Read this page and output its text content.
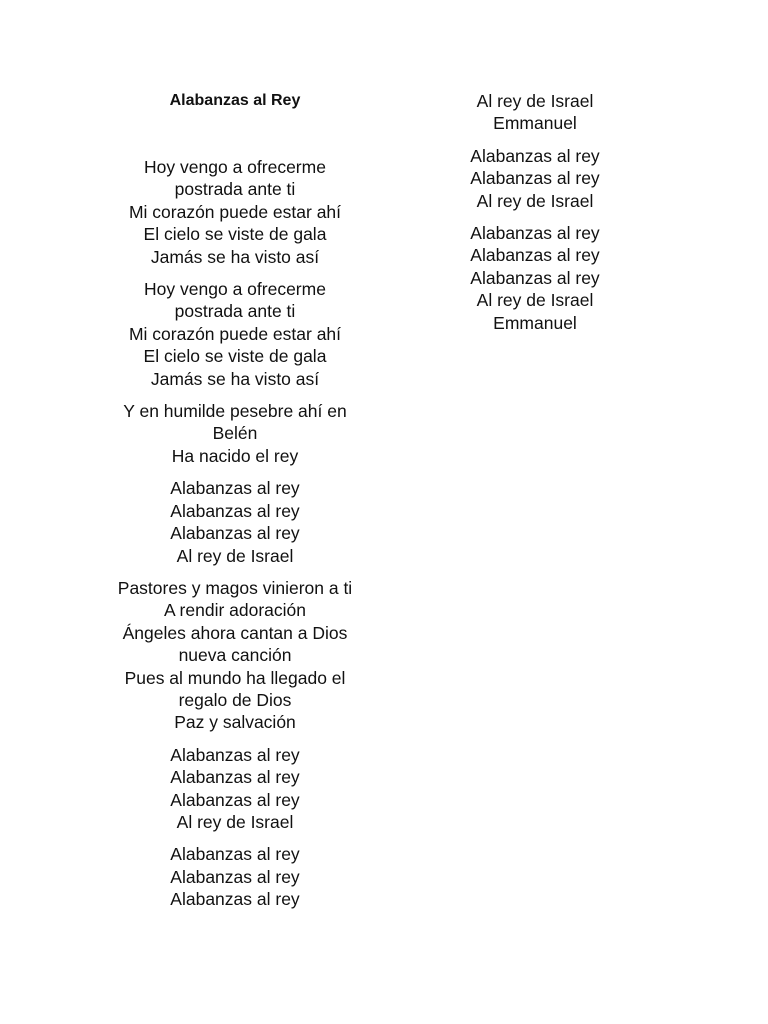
Alabanzas al Rey
Hoy vengo a ofrecerme
postrada ante ti
Mi corazón puede estar ahí
El cielo se viste de gala
Jamás se ha visto así
Hoy vengo a ofrecerme
postrada ante ti
Mi corazón puede estar ahí
El cielo se viste de gala
Jamás se ha visto así
Y en humilde pesebre ahí en
Belén
Ha nacido el rey
Alabanzas al rey
Alabanzas al rey
Alabanzas al rey
Al rey de Israel
Pastores y magos vinieron a ti
A rendir adoración
Ángeles ahora cantan a Dios
nueva canción
Pues al mundo ha llegado el
regalo de Dios
Paz y salvación
Alabanzas al rey
Alabanzas al rey
Alabanzas al rey
Al rey de Israel
Alabanzas al rey
Alabanzas al rey
Alabanzas al rey
Al rey de Israel
Emmanuel
Alabanzas al rey
Alabanzas al rey
Al rey de Israel
Alabanzas al rey
Alabanzas al rey
Alabanzas al rey
Al rey de Israel
Emmanuel
